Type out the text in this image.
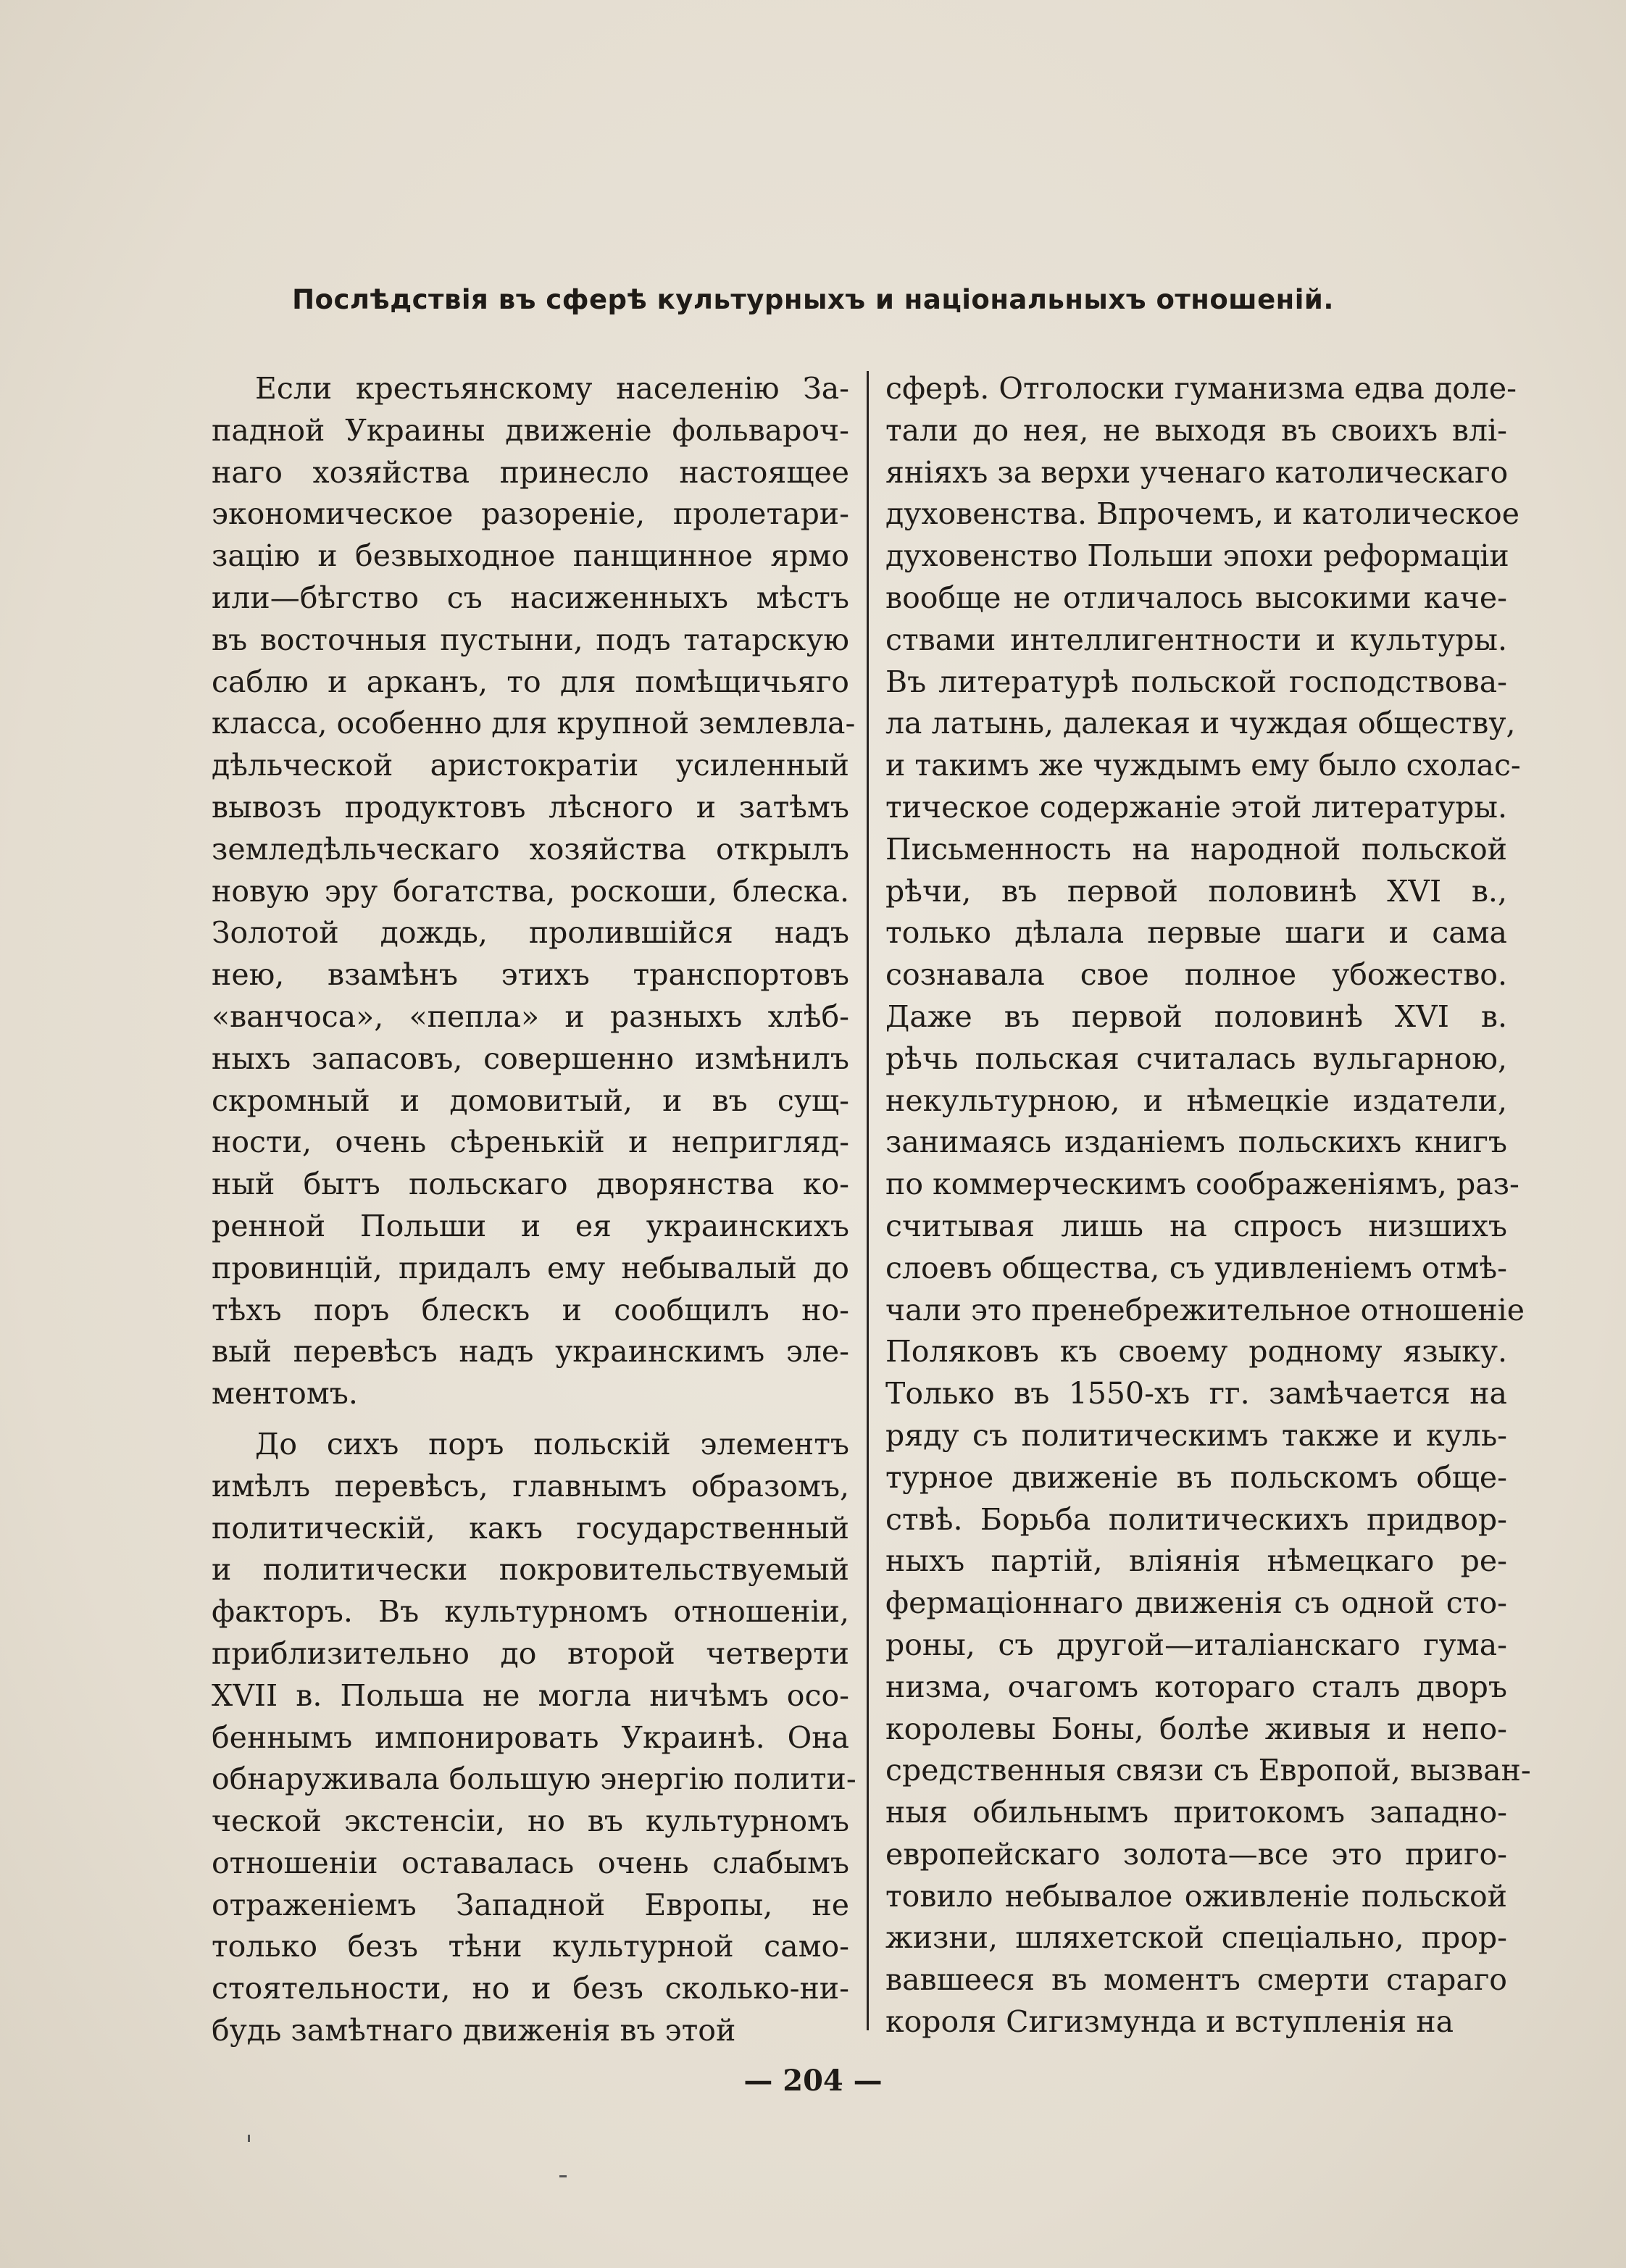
Послѣдствія въ сферѣ культурныхъ и національныхъ отношеній.

Если крестьянскому населенію За-
падной Украины движеніе фольвароч-
наго хозяйства принесло настоящее
экономическое разореніе, пролетари-
зацію и безвыходное панщинное ярмо
или—бѣгство съ насиженныхъ мѣстъ
въ восточныя пустыни, подъ татарскую
саблю и арканъ, то для помѣщичьяго
класса, особенно для крупной землевла-
дѣльческой аристократіи усиленный
вывозъ продуктовъ лѣсного и затѣмъ
земледѣльческаго хозяйства открылъ
новую эру богатства, роскоши, блеска.
Золотой дождь, пролившійся надъ
нею, взамѣнъ этихъ транспортовъ
«ванчоса», «пепла» и разныхъ хлѣб-
ныхъ запасовъ, совершенно измѣнилъ
скромный и домовитый, и въ сущ-
ности, очень сѣренькій и непригляд-
ный бытъ польскаго дворянства ко-
ренной Польши и ея украинскихъ
провинцій, придалъ ему небывалый до
тѣхъ поръ блескъ и сообщилъ но-
вый перевѣсъ надъ украинскимъ эле-
ментомъ.

До сихъ поръ польскій элементъ
имѣлъ перевѣсъ, главнымъ образомъ,
политическій, какъ государственный
и политически покровительствуемый
факторъ. Въ культурномъ отношеніи,
приблизительно до второй четверти
XVII в. Польша не могла ничѣмъ осо-
беннымъ импонировать Украинѣ. Она
обнаруживала большую энергію полити-
ческой экстенсіи, но въ культурномъ
отношеніи оставалась очень слабымъ
отраженіемъ Западной Европы, не
только безъ тѣни культурной само-
стоятельности, но и безъ сколько-ни-
будь замѣтнаго движенія въ этой

сферѣ. Отголоски гуманизма едва доле-
тали до нея, не выходя въ своихъ влі-
яніяхъ за верхи ученаго католическаго
духовенства. Впрочемъ, и католическое
духовенство Польши эпохи реформаціи
вообще не отличалось высокими каче-
ствами интеллигентности и культуры.
Въ литературѣ польской господствова-
ла латынь, далекая и чуждая обществу,
и такимъ же чуждымъ ему было схолас-
тическое содержаніе этой литературы.
Письменность на народной польской
рѣчи, въ первой половинѣ XVI в.,
только дѣлала первые шаги и сама
сознавала свое полное убожество.
Даже въ первой половинѣ XVI в.
рѣчь польская считалась вульгарною,
некультурною, и нѣмецкіе издатели,
занимаясь изданіемъ польскихъ книгъ
по коммерческимъ соображеніямъ, раз-
считывая лишь на спросъ низшихъ
слоевъ общества, съ удивленіемъ отмѣ-
чали это пренебрежительное отношеніе
Поляковъ къ своему родному языку.
Только въ 1550-хъ гг. замѣчается на
ряду съ политическимъ также и куль-
турное движеніе въ польскомъ обще-
ствѣ. Борьба политическихъ придвор-
ныхъ партій, вліянія нѣмецкаго ре-
фермаціоннаго движенія съ одной сто-
роны, съ другой—италіанскаго гума-
низма, очагомъ котораго сталъ дворъ
королевы Боны, болѣе живыя и непо-
средственныя связи съ Европой, вызван-
ныя обильнымъ притокомъ западно-
европейскаго золота—все это приго-
товило небывалое оживленіе польской
жизни, шляхетской спеціально, прор-
вавшееся въ моментъ смерти стараго
короля Сигизмунда и вступленія на

— 204 —
